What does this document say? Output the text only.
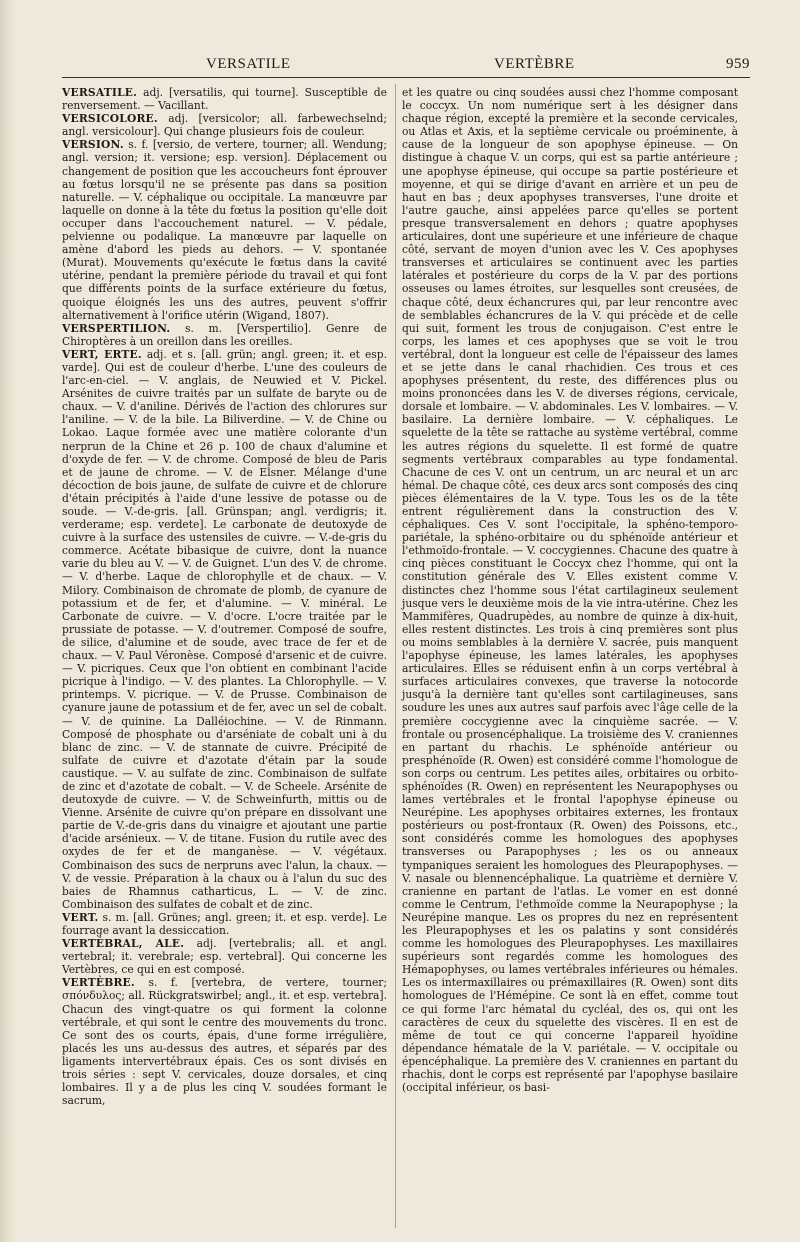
VERSATILE	VERTÈBRE	959

VERSATILE. adj. [versatilis, qui tourne]. Susceptible de renversement. — Vacillant.

VERSICOLORE. adj. [versicolor; all. farbewechselnd; angl. versicolour]. Qui change plusieurs fois de couleur.

VERSION. s. f. [versio, de vertere, tourner; all. Wendung; angl. version; it. versione; esp. version]. Déplacement ou changement de position que les accoucheurs font éprouver au fœtus lorsqu'il ne se présente pas dans sa position naturelle. — V. céphalique ou occipitale. La manœuvre par laquelle on donne à la tête du fœtus la position qu'elle doit occuper dans l'accouchement naturel. — V. pédale, pelvienne ou podalique. La manœuvre par laquelle on amène d'abord les pieds au dehors. — V. spontanée (Murat). Mouvements qu'exécute le fœtus dans la cavité utérine, pendant la première période du travail et qui font que différents points de la surface extérieure du fœtus, quoique éloignés les uns des autres, peuvent s'offrir alternativement à l'orifice utérin (Wigand, 1807).

VERSPERTILION. s. m. [Verspertilio]. Genre de Chiroptères à un oreillon dans les oreilles.

VERT, ERTE. adj. et s. [all. grün; angl. green; it. et esp. varde]. Qui est de couleur d'herbe. L'une des couleurs de l'arc-en-ciel. — V. anglais, de Neuwied et V. Pickel. Arsénites de cuivre traités par un sulfate de baryte ou de chaux. — V. d'aniline. Dérivés de l'action des chlorures sur l'aniline. — V. de la bile. La Biliverdine. — V. de Chine ou Lokao. Laque formée avec une matière colorante d'un nerprun de la Chine et 26 p. 100 de chaux d'alumine et d'oxyde de fer. — V. de chrome. Composé de bleu de Paris et de jaune de chrome. — V. de Elsner. Mélange d'une décoction de bois jaune, de sulfate de cuivre et de chlorure d'étain précipités à l'aide d'une lessive de potasse ou de soude. — V.-de-gris. [all. Grünspan; angl. verdigris; it. verderame; esp. verdete]. Le carbonate de deutoxyde de cuivre à la surface des ustensiles de cuivre. — V.-de-gris du commerce. Acétate bibasique de cuivre, dont la nuance varie du bleu au V. — V. de Guignet. L'un des V. de chrome. — V. d'herbe. Laque de chlorophylle et de chaux. — V. Milory. Combinaison de chromate de plomb, de cyanure de potassium et de fer, et d'alumine. — V. minéral. Le Carbonate de cuivre. — V. d'ocre. L'ocre traitée par le prussiate de potasse. — V. d'outremer. Composé de soufre, de silice, d'alumine et de soude, avec trace de fer et de chaux. — V. Paul Véronèse. Composé d'arsenic et de cuivre. — V. picriques. Ceux que l'on obtient en combinant l'acide picrique à l'indigo. — V. des plantes. La Chlorophylle. — V. printemps. V. picrique. — V. de Prusse. Combinaison de cyanure jaune de potassium et de fer, avec un sel de cobalt. — V. de quinine. La Dalléiochine. — V. de Rinmann. Composé de phosphate ou d'arséniate de cobalt uni à du blanc de zinc. — V. de stannate de cuivre. Précipité de sulfate de cuivre et d'azotate d'étain par la soude caustique. — V. au sulfate de zinc. Combinaison de sulfate de zinc et d'azotate de cobalt. — V. de Scheele. Arsénite de deutoxyde de cuivre. — V. de Schweinfurth, mittis ou de Vienne. Arsénite de cuivre qu'on prépare en dissolvant une partie de V.-de-gris dans du vinaigre et ajoutant une partie d'acide arsénieux. — V. de titane. Fusion du rutile avec des oxydes de fer et de manganèse. — V. végétaux. Combinaison des sucs de nerpruns avec l'alun, la chaux. — V. de vessie. Préparation à la chaux ou à l'alun du suc des baies de Rhamnus catharticus, L. — V. de zinc. Combinaison des sulfates de cobalt et de zinc.

VERT. s. m. [all. Grünes; angl. green; it. et esp. verde]. Le fourrage avant la dessiccation.

VERTÉBRAL, ALE. adj. [vertebralis; all. et angl. vertebral; it. verebrale; esp. vertebral]. Qui concerne les Vertèbres, ce qui en est composé.

VERTÈBRE. s. f. [vertebra, de vertere, tourner; σπόνδυλος; all. Rückgratswirbel; angl., it. et esp. vertebra]. Chacun des vingt-quatre os qui forment la colonne vertébrale, et qui sont le centre des mouvements du tronc. Ce sont des os courts, épais, d'une forme irrégulière, placés les uns au-dessus des autres, et séparés par des ligaments intervertébraux épais. Ces os sont divisés en trois séries : sept V. cervicales, douze dorsales, et cinq lombaires. Il y a de plus les cinq V. soudées formant le sacrum,

et les quatre ou cinq soudées aussi chez l'homme composant le coccyx. Un nom numérique sert à les désigner dans chaque région, excepté la première et la seconde cervicales, ou Atlas et Axis, et la septième cervicale ou proéminente, à cause de la longueur de son apophyse épineuse. — On distingue à chaque V. un corps, qui est sa partie antérieure ; une apophyse épineuse, qui occupe sa partie postérieure et moyenne, et qui se dirige d'avant en arrière et un peu de haut en bas ; deux apophyses transverses, l'une droite et l'autre gauche, ainsi appelées parce qu'elles se portent presque transversalement en dehors ; quatre apophyses articulaires, dont une supérieure et une inférieure de chaque côté, servant de moyen d'union avec les V. Ces apophyses transverses et articulaires se continuent avec les parties latérales et postérieure du corps de la V. par des portions osseuses ou lames étroites, sur lesquelles sont creusées, de chaque côté, deux échancrures qui, par leur rencontre avec de semblables échancrures de la V. qui précède et de celle qui suit, forment les trous de conjugaison. C'est entre le corps, les lames et ces apophyses que se voit le trou vertébral, dont la longueur est celle de l'épaisseur des lames et se jette dans le canal rhachidien. Ces trous et ces apophyses présentent, du reste, des différences plus ou moins prononcées dans les V. de diverses régions, cervicale, dorsale et lombaire. — V. abdominales. Les V. lombaires. — V. basilaire. La dernière lombaire. — V. céphaliques. Le squelette de la tête se rattache au système vertébral, comme les autres régions du squelette. Il est formé de quatre segments vertébraux comparables au type fondamental. Chacune de ces V. ont un centrum, un arc neural et un arc hémal. De chaque côté, ces deux arcs sont composés des cinq pièces élémentaires de la V. type. Tous les os de la tête entrent régulièrement dans la construction des V. céphaliques. Ces V. sont l'occipitale, la sphéno-temporo-pariétale, la sphéno-orbitaire ou du sphénoïde antérieur et l'ethmoïdo-frontale. — V. coccygiennes. Chacune des quatre à cinq pièces constituant le Coccyx chez l'homme, qui ont la constitution générale des V. Elles existent comme V. distinctes chez l'homme sous l'état cartilagineux seulement jusque vers le deuxième mois de la vie intra-utérine. Chez les Mammifères, Quadrupèdes, au nombre de quinze à dix-huit, elles restent distinctes. Les trois à cinq premières sont plus ou moins semblables à la dernière V. sacrée, puis manquent l'apophyse épineuse, les lames latérales, les apophyses articulaires. Elles se réduisent enfin à un corps vertébral à surfaces articulaires convexes, que traverse la notocorde jusqu'à la dernière tant qu'elles sont cartilagineuses, sans soudure les unes aux autres sauf parfois avec l'âge celle de la première coccygienne avec la cinquième sacrée. — V. frontale ou prosencéphalique. La troisième des V. craniennes en partant du rhachis. Le sphénoïde antérieur ou presphénoïde (R. Owen) est considéré comme l'homologue de son corps ou centrum. Les petites ailes, orbitaires ou orbito-sphénoïdes (R. Owen) en représentent les Neurapophyses ou lames vertébrales et le frontal l'apophyse épineuse ou Neurépine. Les apophyses orbitaires externes, les frontaux postérieurs ou post-frontaux (R. Owen) des Poissons, etc., sont considérés comme les homologues des apophyses transverses ou Parapophyses ; les os ou anneaux tympaniques seraient les homologues des Pleurapophyses. — V. nasale ou blennencéphalique. La quatrième et dernière V. cranienne en partant de l'atlas. Le vomer en est donné comme le Centrum, l'ethmoïde comme la Neurapophyse ; la Neurépine manque. Les os propres du nez en représentent les Pleurapophyses et les os palatins y sont considérés comme les homologues des Pleurapophyses. Les maxillaires supérieurs sont regardés comme les homologues des Hémapophyses, ou lames vertébrales inférieures ou hémales. Les os intermaxillaires ou prémaxillaires (R. Owen) sont dits homologues de l'Hémépine. Ce sont là en effet, comme tout ce qui forme l'arc hématal du cycléal, des os, qui ont les caractères de ceux du squelette des viscères. Il en est de même de tout ce qui concerne l'appareil hyoïdine dépendance hématale de la V. pariétale. — V. occipitale ou épencéphalique. La première des V. craniennes en partant du rhachis, dont le corps est représenté par l'apophyse basilaire (occipital inférieur, os basi-
